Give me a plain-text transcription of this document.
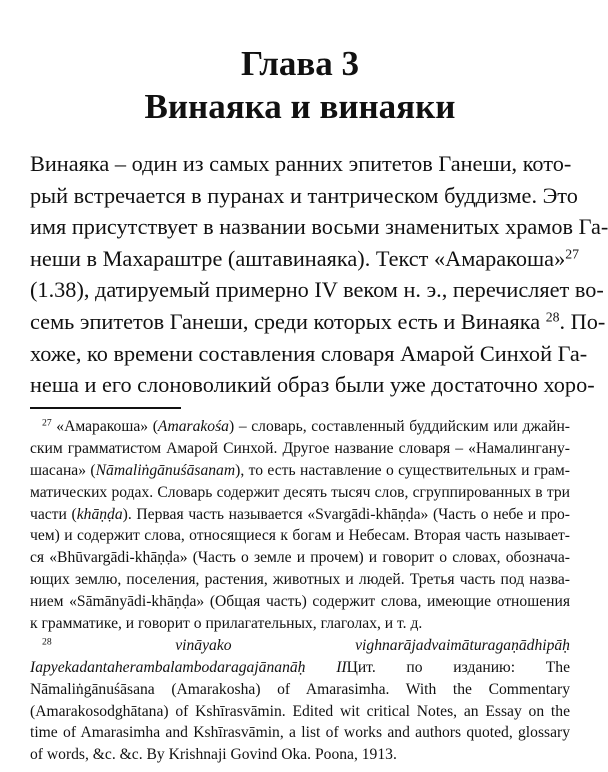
Глава 3
Винаяка и винаяки
Винаяка – один из самых ранних эпитетов Ганеши, кото-
рый встречается в пуранах и тантрическом буддизме. Это
имя присутствует в названии восьми знаменитых храмов Га-
неши в Махараштре (аштавинаяка). Текст «Амаракоша»$^{27}$
(1.38), датируемый примерно IV веком н. э., перечисляет во-
семь эпитетов Ганеши, среди которых есть и Винаяка $^{28}$. По-
хоже, ко времени составления словаря Амарой Синхой Га-
неша и его слоноволикий образ были уже достаточно хоро-
$^{27}$ «Амаракоша» (Amarakośa) – словарь, составленный буддийским или джайн-
ским грамматистом Амарой Синхой. Другое название словаря – «Намалингану-
шасана» (Nāmaliṅgānuśāsanam), то есть наставление о существительных и грам-
матических родах. Словарь содержит десять тысяч слов, сгруппированных в три
части (khāṇḍa). Первая часть называется «Svargādi-khāṇḍa» (Часть о небе и про-
чем) и содержит слова, относящиеся к богам и Небесам. Вторая часть называет-
ся «Bhūvargādi-khāṇḍa» (Часть о земле и прочем) и говорит о словах, обознача-
ющих землю, поселения, растения, животных и людей. Третья часть под назва-
нием «Sāmānyādi-khāṇḍa» (Общая часть) содержит слова, имеющие отношения
к грамматике, и говорит о прилагательных, глаголах, и т. д.
$^{28}$	vināyako	vighnarājadvaimāturagaṇādhipāḥ
Iapyekadantaherambalambodaragajānanāḥ IIЦит. по изданию: The
Nāmaliṅgānuśāsana (Amarakosha) of Amarasimha. With the Commentary
(Amarakosodghātana) of Kshīrasvāmin. Edited wit critical Notes, an Essay on the
time of Amarasimha and Kshīrasvāmin, a list of works and authors quoted, glossary
of words, &c. &c. By Krishnaji Govind Oka. Poona, 1913.
